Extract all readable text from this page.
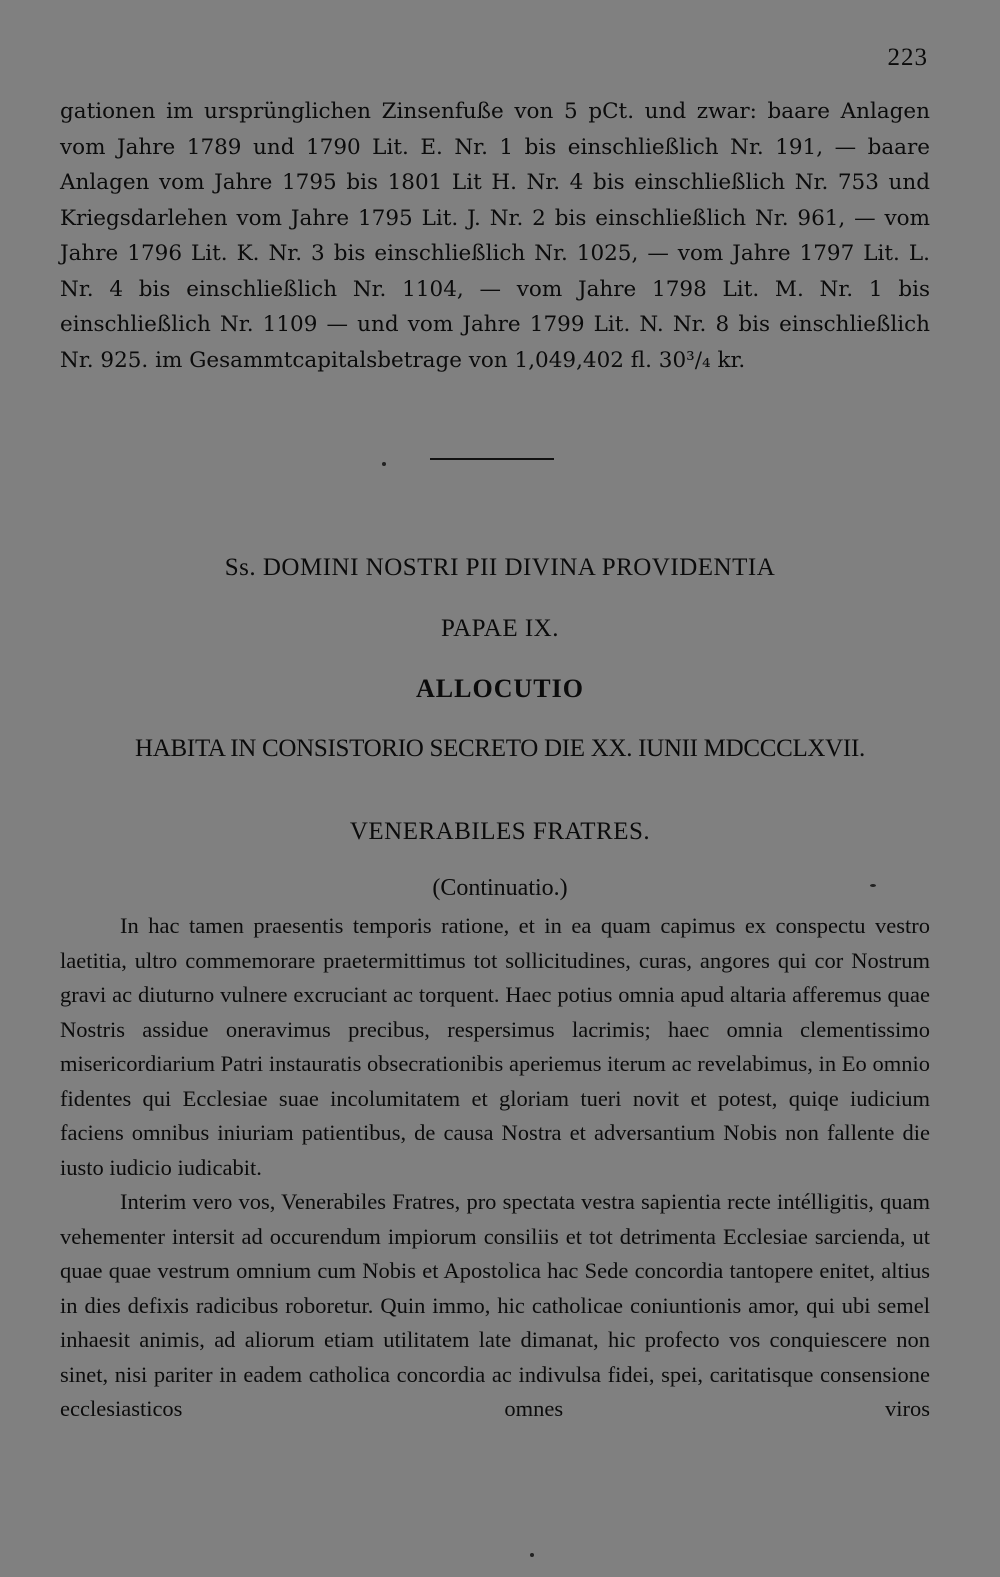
223

gationen im ursprünglichen Zinsenfuße von 5 pCt. und zwar: baare Anlagen vom Jahre 1789 und 1790 Lit. E. Nr. 1 bis einschließlich Nr. 191, — baare Anlagen vom Jahre 1795 bis 1801 Lit H. Nr. 4 bis einschließlich Nr. 753 und Kriegsdarlehen vom Jahre 1795 Lit. J. Nr. 2 bis einschließlich Nr. 961, — vom Jahre 1796 Lit. K. Nr. 3 bis einschließlich Nr. 1025, — vom Jahre 1797 Lit. L. Nr. 4 bis einschließlich Nr. 1104, — vom Jahre 1798 Lit. M. Nr. 1 bis einschließlich Nr. 1109 — und vom Jahre 1799 Lit. N. Nr. 8 bis einschließlich Nr. 925. im Gesammtcapitalsbetrage von 1,049,402 fl. 30³/₄ kr.

Ss. DOMINI NOSTRI PII DIVINA PROVIDENTIA
PAPAE IX.
ALLOCUTIO
HABITA IN CONSISTORIO SECRETO DIE XX. IUNII MDCCCLXVII.
VENERABILES FRATRES.
(Continuatio.)

In hac tamen praesentis temporis ratione, et in ea quam capimus ex conspectu vestro laetitia, ultro commemorare praetermittimus tot sollicitudines, curas, angores qui cor Nostrum gravi ac diuturno vulnere excruciant ac torquent. Haec potius omnia apud altaria afferemus quae Nostris assidue oneravimus precibus, respersimus lacrimis; haec omnia clementissimo misericordiarium Patri instauratis obsecrationibis aperiemus iterum ac revelabimus, in Eo omnio fidentes qui Ecclesiae suae incolumitatem et gloriam tueri novit et potest, quiqe iudicium faciens omnibus iniuriam patientibus, de causa Nostra et adversantium Nobis non fallente die iusto iudicio iudicabit.

Interim vero vos, Venerabiles Fratres, pro spectata vestra sapientia recte intélligitis, quam vehementer intersit ad occurendum impiorum consiliis et tot detrimenta Ecclesiae sarcienda, ut quae quae vestrum omnium cum Nobis et Apostolica hac Sede concordia tantopere enitet, altius in dies defixis radicibus roboretur. Quin immo, hic catholicae coniuntionis amor, qui ubi semel inhaesit animis, ad aliorum etiam utilitatem late dimanat, hic profecto vos conquiescere non sinet, nisi pariter in eadem catholica concordia ac indivulsa fidei, spei, caritatisque consensione ecclesiasticos omnes viros
